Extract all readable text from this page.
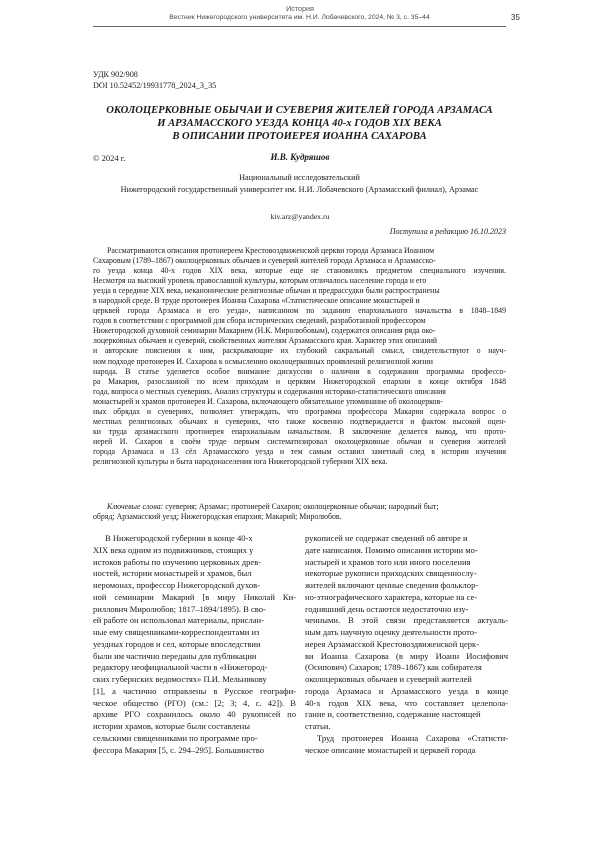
История
Вестник Нижегородского университета им. Н.И. Лобачевского, 2024, № 3, с. 35–44	35
УДК 902/908
DOI 10.52452/19931778_2024_3_35
ОКОЛОЦЕРКОВНЫЕ ОБЫЧАИ И СУЕВЕРИЯ ЖИТЕЛЕЙ ГОРОДА АРЗАМАСА
И АРЗАМАССКОГО УЕЗДА КОНЦА 40-х ГОДОВ XIX ВЕКА
В ОПИСАНИИ ПРОТОИЕРЕЯ ИОАННА САХАРОВА
© 2024 г.	И.В. Кудряшов
Национальный исследовательский
Нижегородский государственный университет им. Н.И. Лобачевского (Арзамасский филиал), Арзамас
kiv.arz@yandex.ru
Поступила в редакцию 16.10.2023
Рассматриваются описания протоиереем Крестовоздвиженской церкви города Арзамаса Иоанном
Сахаровым (1789–1867) околоцерковных обычаев и суеверий жителей города Арзамаса и Арзамасско-
го уезда конца 40-х годов XIX века, которые еще не становились предметом специального изучения.
Несмотря на высокий уровень православной культуры, которым отличалось население города и его
уезда в середине XIX века, неканонические религиозные обычаи и предрассудки были распространены
в народной среде. В труде протоиерея Иоанна Сахарова «Статистическое описание монастырей и
церквей города Арзамаса и его уезда», написанном по заданию епархиального начальства в 1848–1849
годов в соответствии с программой для сбора исторических сведений, разработанной профессором
Нижегородской духовной семинарии Макарием (Н.К. Миролюбовым), содержатся описания ряда око-
лоцерковных обычаев и суеверий, свойственных жителям Арзамасского края. Характер этих описаний
и авторские пояснения к ним, раскрывающие их глубокий сакральный смысл, свидетельствуют о науч-
ном подходе протоиерея И. Сахарова к осмыслению околоцерковных проявлений религиозной жизни
народа. В статье уделяется особое внимание дискуссии о наличии в содержании программы профессо-
ра Макария, разосланной по всем приходам и церквям Нижегородской епархии в конце октября 1848
года, вопроса о местных суевериях. Анализ структуры и содержания историко-статистического описания
монастырей и храмов протоиерея И. Сахарова, включающего обязательное упоминание об околоцерков-
ных обрядах и суевериях, позволяет утверждать, что программа профессора Макария содержала вопрос о
местных религиозных обычаях и суевериях, что также косвенно подтверждается и фактом высокой оцен-
ки труда арзамасского протоиерея епархиальным начальством. В заключение делается вывод, что прото-
иерей И. Сахаров в своём труде первым систематизировал околоцерковные обычаи и суеверия жителей
города Арзамаса и 13 сёл Арзамасского уезда и тем самым оставил заметный след в истории изучения
религиозной культуры и быта народонаселения юга Нижегородской губернии XIX века.
Ключевые слова: суеверия; Арзамас; протоиерей Сахаров; околоцерковные обычаи; народный быт;
обряд; Арзамасский уезд; Нижегородская епархия; Макарий; Миролюбов.
В Нижегородской губернии в конце 40-х
XIX века одним из подвижников, стоящих у
истоков работы по изучению церковных древ-
ностей, истории монастырей и храмов, был
иеромонах, профессор Нижегородской духов-
ной семинарии Макарий [в миру Николай Ки-
риллович Миролюбов; 1817–1894/1895). В сво-
ей работе он использовал материалы, прислан-
ные ему священниками-корреспондентами из
уездных городов и сел, которые впоследствии
были им частично переданы для публикации
редактору неофициальной части в «Нижегород-
ских губернских ведомостях» П.И. Мельникову
[1], а частично отправлены в Русское географи-
ческое общество (РГО) (см.: [2; 3; 4, с. 42]). В
архиве РГО сохранилось около 40 рукописей по
истории храмов, которые были составлены
сельскими священниками по программе про-
фессора Макария [5, с. 294–295]. Большинство
рукописей не содержат сведений об авторе и
дате написания. Помимо описания истории мо-
настырей и храмов того или иного поселения
некоторые рукописи приходских священнослу-
жителей включают ценные сведения фольклор-
но-этнографического характера, которые на се-
годняшний день остаются недостаточно изу-
ченными. В этой связи представляется актуаль-
ным дать научную оценку деятельности прото-
иерея Арзамасской Крестовоздвиженской церк-
ви Иоанна Сахарова (в миру Иоанн Иосифович
(Осипович) Сахаров; 1789–1867) как собирателя
околоцерковных обычаев и суеверий жителей
города Арзамаса и Арзамасского уезда в конце
40-х годов XIX века, что составляет целепола-
гание и, соответственно, содержание настоящей
статьи.
Труд протоиерея Иоанна Сахарова «Статисти-
ческое описание монастырей и церквей города
